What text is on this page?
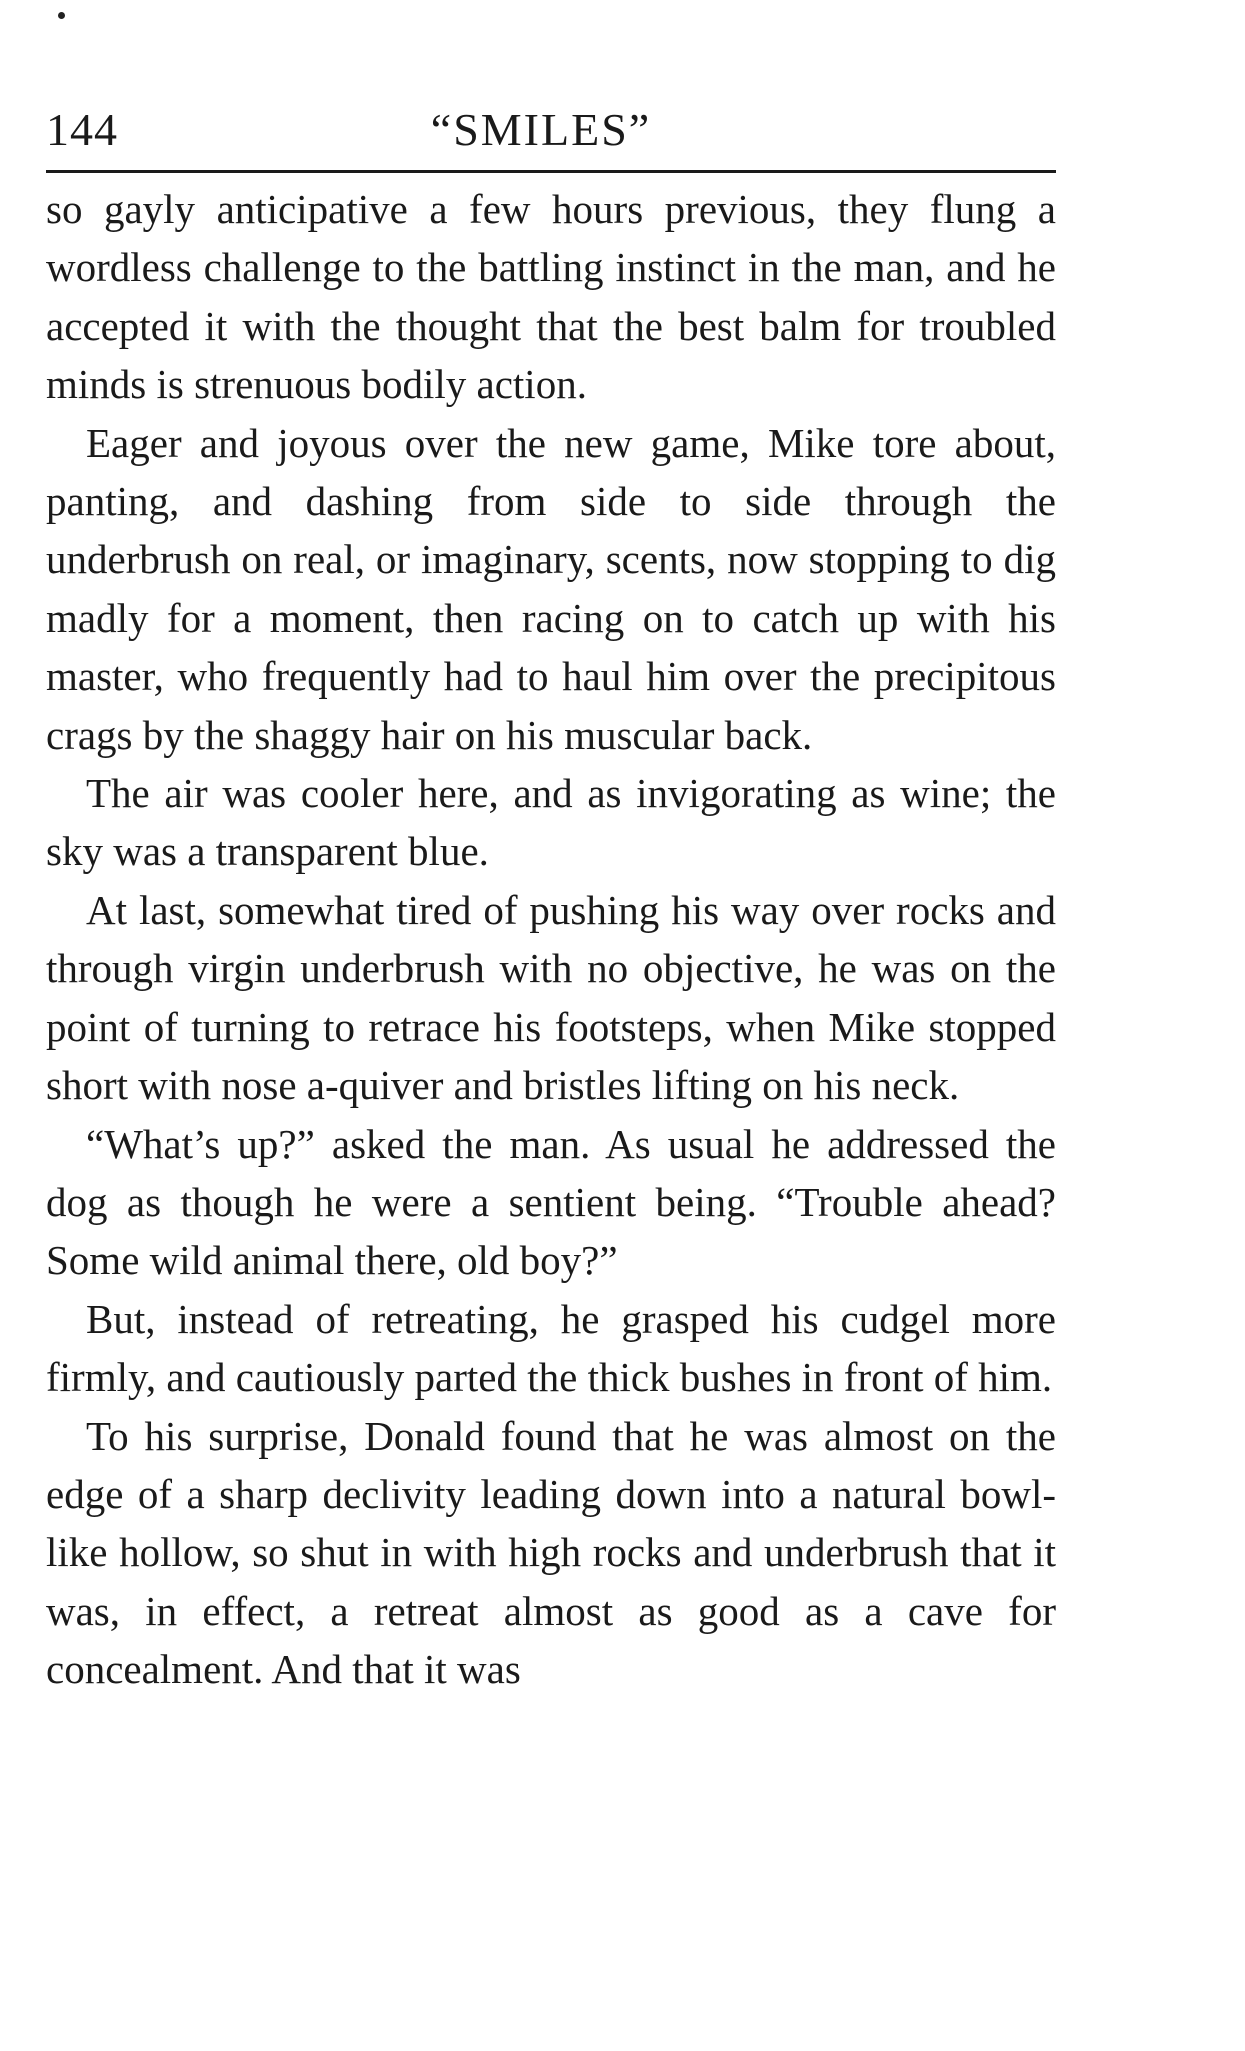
144	“SMILES”

so gayly anticipative a few hours previous, they flung a wordless challenge to the battling instinct in the man, and he accepted it with the thought that the best balm for troubled minds is strenuous bodily action.

Eager and joyous over the new game, Mike tore about, panting, and dashing from side to side through the underbrush on real, or imaginary, scents, now stopping to dig madly for a moment, then racing on to catch up with his master, who frequently had to haul him over the precipitous crags by the shaggy hair on his muscular back.

The air was cooler here, and as invigorating as wine; the sky was a transparent blue.

At last, somewhat tired of pushing his way over rocks and through virgin underbrush with no objective, he was on the point of turning to retrace his footsteps, when Mike stopped short with nose a-quiver and bristles lifting on his neck.

“What’s up?” asked the man. As usual he addressed the dog as though he were a sentient being. “Trouble ahead? Some wild animal there, old boy?”

But, instead of retreating, he grasped his cudgel more firmly, and cautiously parted the thick bushes in front of him.

To his surprise, Donald found that he was almost on the edge of a sharp declivity leading down into a natural bowl-like hollow, so shut in with high rocks and underbrush that it was, in effect, a retreat almost as good as a cave for concealment. And that it was
